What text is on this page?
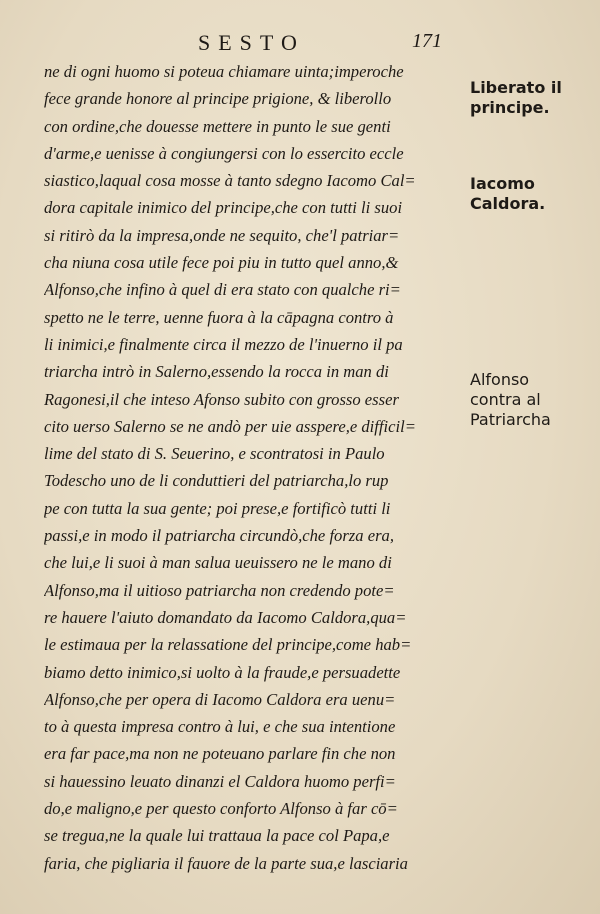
SESTO	171
ne di ogni huomo si poteua chiamare uinta;imperoche
fece grande honore al principe prigione, & liberollo
con ordine,che douesse mettere in punto le sue genti
d'arme,e uenisse à congiungersi con lo essercito eccle
siastico,laqual cosa mosse à tanto sdegno Iacomo Cal=
dora capitale inimico del principe,che con tutti li suoi
si ritirò da la impresa,onde ne sequito, che'l patriar=
cha niuna cosa utile fece poi piu in tutto quel anno,&
Alfonso,che infino à quel di era stato con qualche ri=
spetto ne le terre, uenne fuora à la cāpagna contro à
li inimici,e finalmente circa il mezzo de l'inuerno il pa
triarcha intrò in Salerno,essendo la rocca in man di
Ragonesi,il che inteso Afonso subito con grosso esser
cito uerso Salerno se ne andò per uie asspere,e difficil=
lime del stato di S. Seuerino, e scontratosi in Paulo
Todescho uno de li conduttieri del patriarcha,lo rup
pe con tutta la sua gente; poi prese,e fortificò tutti li
passi,e in modo il patriarcha circundò,che forza era,
che lui,e li suoi à man salua ueuissero ne le mano di
Alfonso,ma il uitioso patriarcha non credendo pote=
re hauere l'aiuto domandato da Iacomo Caldora,qua=
le estimaua per la relassatione del principe,come hab=
biamo detto inimico,si uolto à la fraude,e persuadette
Alfonso,che per opera di Iacomo Caldora era uenu=
to à questa impresa contro à lui, e che sua intentione
era far pace,ma non ne poteuano parlare fin che non
si hauessino leuato dinanzi el Caldora huomo perfi=
do,e maligno,e per questo conforto Alfonso à far cō=
se tregua,ne la quale lui trattaua la pace col Papa,e
faria, che pigliaria il fauore de la parte sua,e lasciaria
Liberato il
principe.
Iacomo
Caldora.
Alfonso
contra al
Patriarcha
